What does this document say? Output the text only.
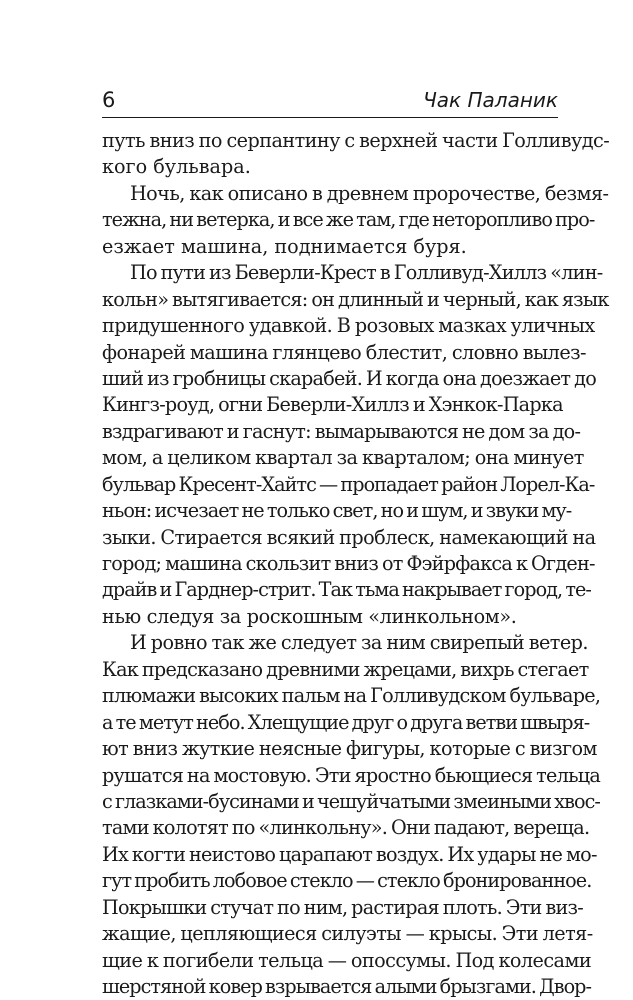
6	Чак Паланик
путь вниз по серпантину с верхней части Голливудс-
кого бульвара.
Ночь, как описано в древнем пророчестве, безмя-
тежна, ни ветерка, и все же там, где неторопливо про-
езжает машина, поднимается буря.
По пути из Беверли-Крест в Голливуд-Хиллз «лин-
кольн» вытягивается: он длинный и черный, как язык
придушенного удавкой. В розовых мазках уличных
фонарей машина глянцево блестит, словно вылез-
ший из гробницы скарабей. И когда она доезжает до
Кингз-роуд, огни Беверли-Хиллз и Хэнкок-Парка
вздрагивают и гаснут: вымарываются не дом за до-
мом, а целиком квартал за кварталом; она минует
бульвар Кресент-Хайтс — пропадает район Лорел-Ка-
ньон: исчезает не только свет, но и шум, и звуки му-
зыки. Стирается всякий проблеск, намекающий на
город; машина скользит вниз от Фэйрфакса к Огден-
драйв и Гарднер-стрит. Так тьма накрывает город, те-
нью следуя за роскошным «линкольном».
И ровно так же следует за ним свирепый ветер.
Как предсказано древними жрецами, вихрь стегает
плюмажи высоких пальм на Голливудском бульваре,
а те метут небо. Хлещущие друг о друга ветви швыря-
ют вниз жуткие неясные фигуры, которые с визгом
рушатся на мостовую. Эти яростно бьющиеся тельца
с глазками-бусинами и чешуйчатыми змеиными хвос-
тами колотят по «линкольну». Они падают, вереща.
Их когти неистово царапают воздух. Их удары не мо-
гут пробить лобовое стекло — стекло бронированное.
Покрышки стучат по ним, растирая плоть. Эти виз-
жащие, цепляющиеся силуэты — крысы. Эти летя-
щие к погибели тельца — опоссумы. Под колесами
шерстяной ковер взрывается алыми брызгами. Двор-
